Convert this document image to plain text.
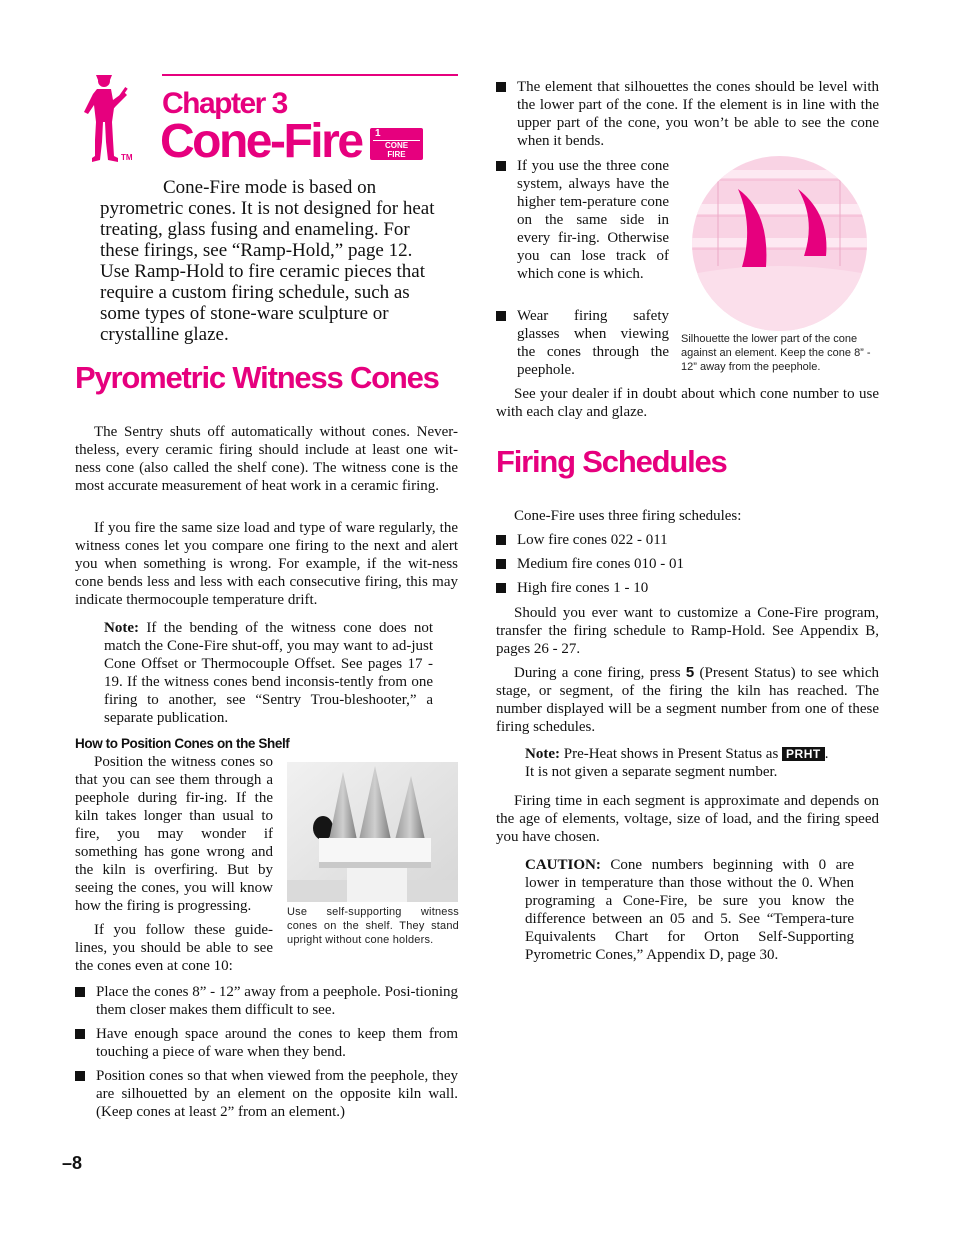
TM
Chapter 3
Cone-Fire 1
CONE
FIRE
Cone-Fire mode is based on pyrometric cones. It is not designed for heat treating, glass fusing and enameling. For these firings, see “Ramp-Hold,” page 12. Use Ramp-Hold to fire ceramic pieces that require a custom firing schedule, such as some types of stone-ware sculpture or crystalline glaze.
Pyrometric Witness Cones
The Sentry shuts off automatically without cones. Never-theless, every ceramic firing should include at least one wit-ness cone (also called the shelf cone). The witness cone is the most accurate measurement of heat work in a ceramic firing.
If you fire the same size load and type of ware regularly, the witness cones let you compare one firing to the next and alert you when something is wrong. For example, if the wit-ness cone bends less and less with each consecutive firing, this may indicate thermocouple temperature drift.
Note: If the bending of the witness cone does not match the Cone-Fire shut-off, you may want to ad-just Cone Offset or Thermocouple Offset. See pages 17 - 19. If the witness cones bend inconsis-tently from one firing to another, see “Sentry Trou-bleshooter,” a separate publication.
How to Position Cones on the Shelf
Position the witness cones so that you can see them through a peephole during fir-ing. If the kiln takes longer than usual to fire, you may wonder if something has gone wrong and the kiln is overfiring. But by seeing the cones, you will know how the firing is progressing.
If you follow these guide-lines, you should be able to see the cones even at cone 10:
Use self-supporting witness cones on the shelf. They stand upright without cone holders.
Place the cones 8” - 12” away from a peephole. Posi-tioning them closer makes them difficult to see.
Have enough space around the cones to keep them from touching a piece of ware when they bend.
Position cones so that when viewed from the peephole, they are silhouetted by an element on the opposite kiln wall. (Keep cones at least 2” from an element.)
The element that silhouettes the cones should be level with the lower part of the cone. If the element is in line with the upper part of the cone, you won’t be able to see the cone when it bends.
If you use the three cone system, always have the higher tem-perature cone on the same side in every fir-ing. Otherwise you can lose track of which cone is which.
Wear firing safety glasses when viewing the cones through the peephole.
Silhouette the lower part of the cone against an element. Keep the cone 8” - 12” away from the peephole.
See your dealer if in doubt about which cone number to use with each clay and glaze.
Firing Schedules
Cone-Fire uses three firing schedules:
Low fire cones 022 - 011
Medium fire cones 010 - 01
High fire cones 1 - 10
Should you ever want to customize a Cone-Fire program, transfer the firing schedule to Ramp-Hold. See Appendix B, pages 26 - 27.
During a cone firing, press 5 (Present Status) to see which stage, or segment, of the firing the kiln has reached. The number displayed will be a segment number from one of these firing schedules.
Note: Pre-Heat shows in Present Status as PRHT .
It is not given a separate segment number.
Firing time in each segment is approximate and depends on the age of elements, voltage, size of load, and the firing speed you have chosen.
CAUTION: Cone numbers beginning with 0 are lower in temperature than those without the 0. When programing a Cone-Fire, be sure you know the difference between an 05 and 5. See “Tempera-ture Equivalents Chart for Orton Self-Supporting Pyrometric Cones,” Appendix D, page 30.
–8
